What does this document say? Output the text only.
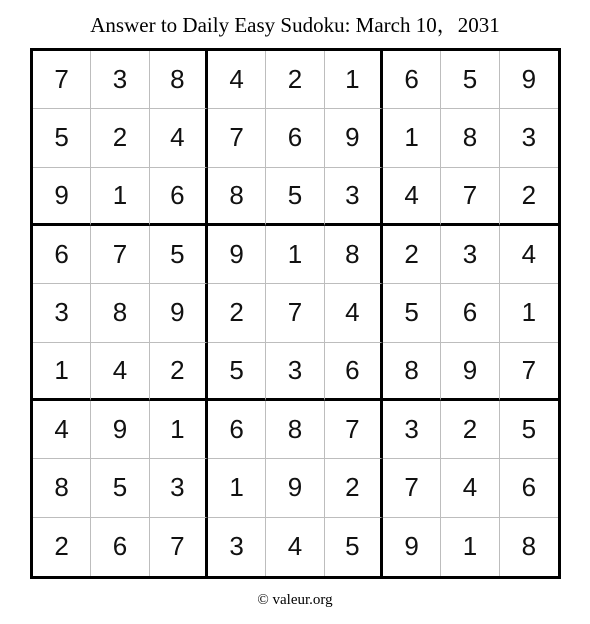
Answer to Daily Easy Sudoku: March 10，2031
7	3	8	4	2	1	6	5	9
5	2	4	7	6	9	1	8	3
9	1	6	8	5	3	4	7	2
6	7	5	9	1	8	2	3	4
3	8	9	2	7	4	5	6	1
1	4	2	5	3	6	8	9	7
4	9	1	6	8	7	3	2	5
8	5	3	1	9	2	7	4	6
2	6	7	3	4	5	9	1	8
© valeur.org
